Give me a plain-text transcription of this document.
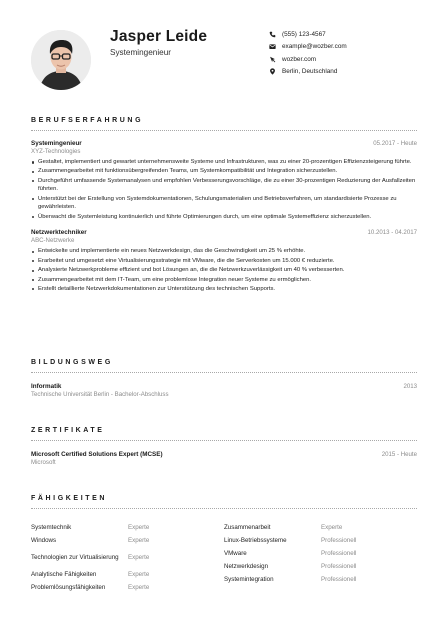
Jasper Leide
Systemingenieur
(555) 123-4567
example@wozber.com
wozber.com
Berlin, Deutschland
BERUFSERFAHRUNG
Systemingenieur	05.2017 - Heute
XYZ-Technologies
Gestaltet, implementiert und gewartet unternehmensweite Systeme und Infrastrukturen, was zu einer 20-prozentigen Effizienzsteigerung führte.
Zusammengearbeitet mit funktionsübergreifenden Teams, um Systemkompatibilität und Integration sicherzustellen.
Durchgeführt umfassende Systemanalysen und empfohlen Verbesserungsvorschläge, die zu einer 30-prozentigen Reduzierung der Ausfallzeiten führten.
Unterstützt bei der Erstellung von Systemdokumentationen, Schulungsmaterialien und Betriebsverfahren, um standardisierte Prozesse zu gewährleisten.
Überwacht die Systemleistung kontinuierlich und führte Optimierungen durch, um eine optimale Systemeffizienz sicherzustellen.
Netzwerktechniker	10.2013 - 04.2017
ABC-Netzwerke
Entwickelte und implementierte ein neues Netzwerkdesign, das die Geschwindigkeit um 25 % erhöhte.
Erarbeitet und umgesetzt eine Virtualisierungsstrategie mit VMware, die die Serverkosten um 15.000 € reduzierte.
Analysierte Netzwerkprobleme effizient und bot Lösungen an, die die Netzwerkzuverlässigkeit um 40 % verbesserten.
Zusammengearbeitet mit dem IT-Team, um eine problemlose Integration neuer Systeme zu ermöglichen.
Erstellt detaillierte Netzwerkdokumentationen zur Unterstützung des technischen Supports.
BILDUNGSWEG
Informatik	2013
Technische Universität Berlin - Bachelor-Abschluss
ZERTIFIKATE
Microsoft Certified Solutions Expert (MCSE)	2015 - Heute
Microsoft
FÄHIGKEITEN
Systemtechnik	Experte
Windows	Experte
Technologien zur Virtualisierung	Experte
Analytische Fähigkeiten	Experte
Problemlösungsfähigkeiten	Experte
Zusammenarbeit	Experte
Linux-Betriebssysteme	Professionell
VMware	Professionell
Netzwerkdesign	Professionell
Systemintegration	Professionell
